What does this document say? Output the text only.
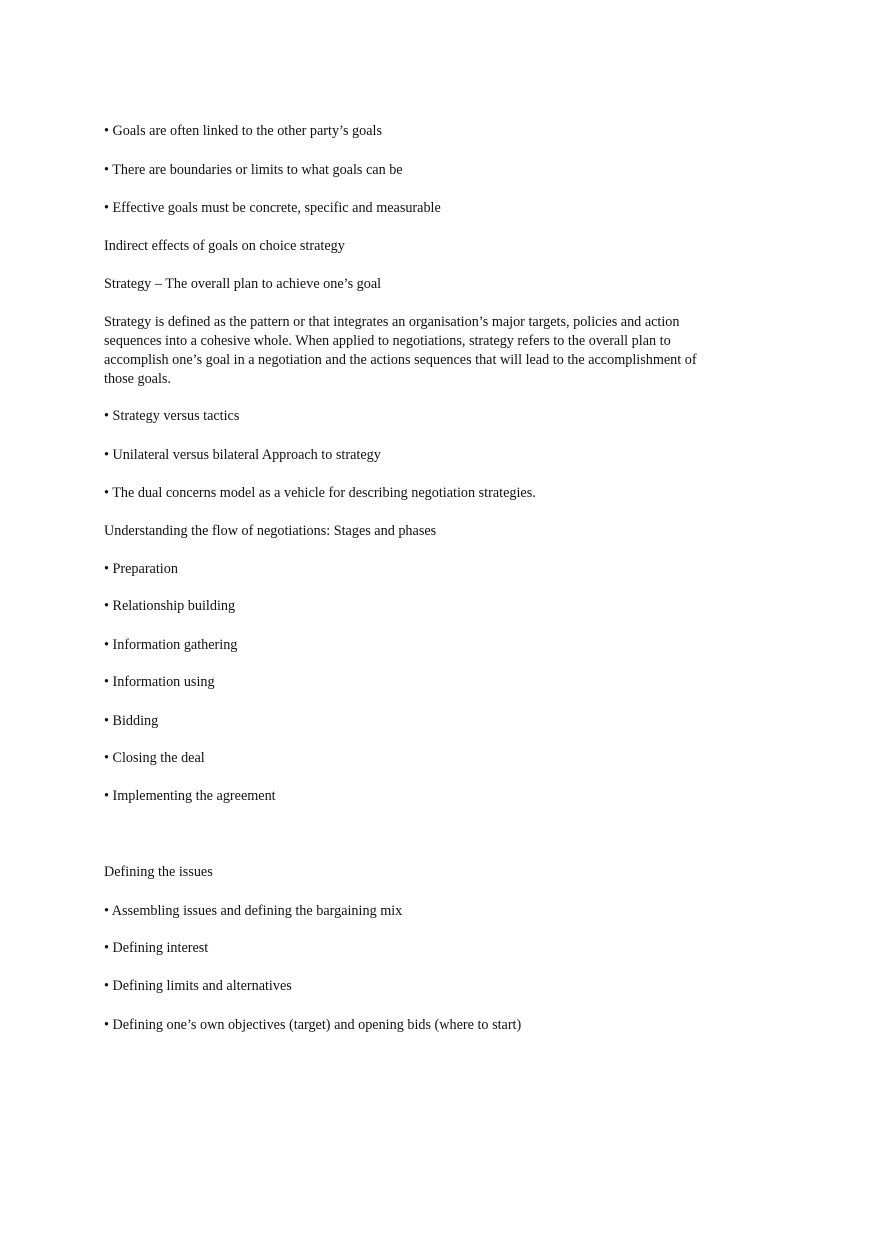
• Goals are often linked to the other party’s goals

• There are boundaries or limits to what goals can be

• Effective goals must be concrete, specific and measurable

Indirect effects of goals on choice strategy

Strategy – The overall plan to achieve one’s goal

Strategy is defined as the pattern or that integrates an organisation’s major targets, policies and action sequences into a cohesive whole. When applied to negotiations, strategy refers to the overall plan to accomplish one’s goal in a negotiation and the actions sequences that will lead to the accomplishment of those goals.

• Strategy versus tactics

• Unilateral versus bilateral Approach to strategy

• The dual concerns model as a vehicle for describing negotiation strategies.

Understanding the flow of negotiations: Stages and phases

• Preparation

• Relationship building

• Information gathering

• Information using

• Bidding

• Closing the deal

• Implementing the agreement

Defining the issues

• Assembling issues and defining the bargaining mix

• Defining interest

• Defining limits and alternatives

• Defining one’s own objectives (target) and opening bids (where to start)
